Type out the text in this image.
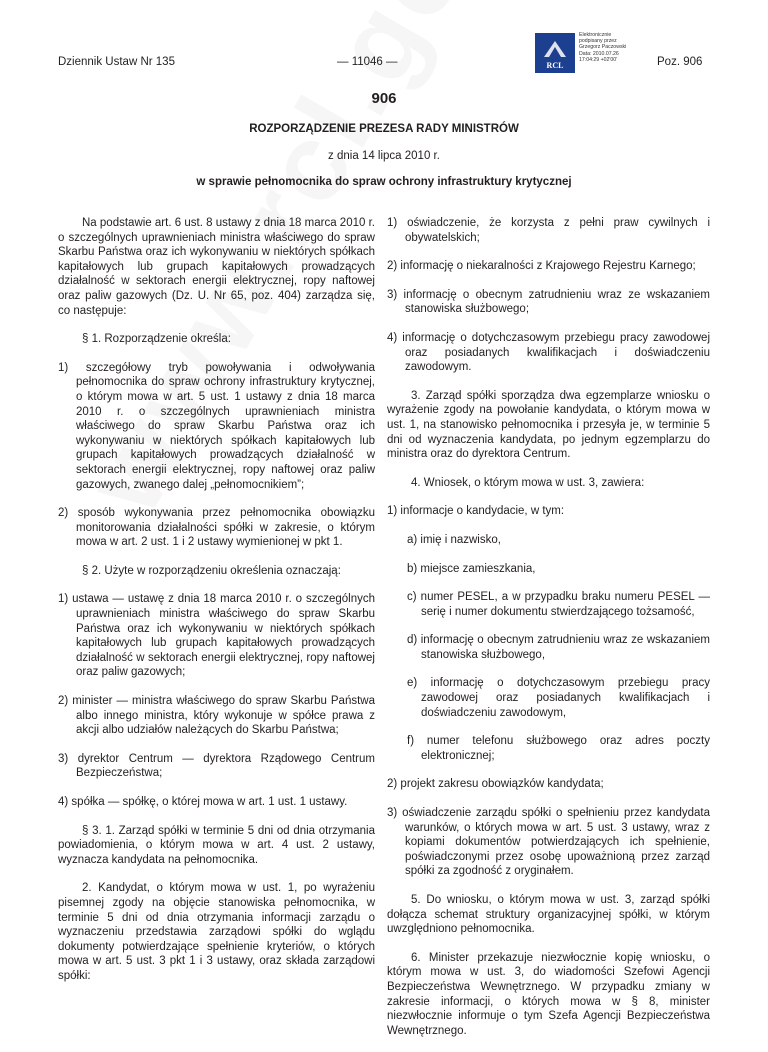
Dziennik Ustaw Nr 135	— 11046 —	Poz. 906
RCL
Elektronicznie
podpisany przez
Grzegorz Paczowski
Data: 2010.07.26
17:04:29 +02'00'
906
ROZPORZĄDZENIE PREZESA RADY MINISTRÓW
z dnia 14 lipca 2010 r.
w sprawie pełnomocnika do spraw ochrony infrastruktury krytycznej

Na podstawie art. 6 ust. 8 ustawy z dnia 18 marca 2010 r. o szczególnych uprawnieniach ministra właściwego do spraw Skarbu Państwa oraz ich wykonywaniu w niektórych spółkach kapitałowych lub grupach kapitałowych prowadzących działalność w sektorach energii elektrycznej, ropy naftowej oraz paliw gazowych (Dz. U. Nr 65, poz. 404) zarządza się, co następuje:

§ 1. Rozporządzenie określa:

1) szczegółowy tryb powoływania i odwoływania pełnomocnika do spraw ochrony infrastruktury krytycznej, o którym mowa w art. 5 ust. 1 ustawy z dnia 18 marca 2010 r. o szczególnych uprawnieniach ministra właściwego do spraw Skarbu Państwa oraz ich wykonywaniu w niektórych spółkach kapitałowych lub grupach kapitałowych prowadzących działalność w sektorach energii elektrycznej, ropy naftowej oraz paliw gazowych, zwanego dalej „pełnomocnikiem”;

2) sposób wykonywania przez pełnomocnika obowiązku monitorowania działalności spółki w zakresie, o którym mowa w art. 2 ust. 1 i 2 ustawy wymienionej w pkt 1.

§ 2. Użyte w rozporządzeniu określenia oznaczają:

1) ustawa — ustawę z dnia 18 marca 2010 r. o szczególnych uprawnieniach ministra właściwego do spraw Skarbu Państwa oraz ich wykonywaniu w niektórych spółkach kapitałowych lub grupach kapitałowych prowadzących działalność w sektorach energii elektrycznej, ropy naftowej oraz paliw gazowych;

2) minister — ministra właściwego do spraw Skarbu Państwa albo innego ministra, który wykonuje w spółce prawa z akcji albo udziałów należących do Skarbu Państwa;

3) dyrektor Centrum — dyrektora Rządowego Centrum Bezpieczeństwa;

4) spółka — spółkę, o której mowa w art. 1 ust. 1 ustawy.

§ 3. 1. Zarząd spółki w terminie 5 dni od dnia otrzymania powiadomienia, o którym mowa w art. 4 ust. 2 ustawy, wyznacza kandydata na pełnomocnika.

2. Kandydat, o którym mowa w ust. 1, po wyrażeniu pisemnej zgody na objęcie stanowiska pełnomocnika, w terminie 5 dni od dnia otrzymania informacji zarządu o wyznaczeniu przedstawia zarządowi spółki do wglądu dokumenty potwierdzające spełnienie kryteriów, o których mowa w art. 5 ust. 3 pkt 1 i 3 ustawy, oraz składa zarządowi spółki:

1) oświadczenie, że korzysta z pełni praw cywilnych i obywatelskich;

2) informację o niekaralności z Krajowego Rejestru Karnego;

3) informację o obecnym zatrudnieniu wraz ze wskazaniem stanowiska służbowego;

4) informację o dotychczasowym przebiegu pracy zawodowej oraz posiadanych kwalifikacjach i doświadczeniu zawodowym.

3. Zarząd spółki sporządza dwa egzemplarze wniosku o wyrażenie zgody na powołanie kandydata, o którym mowa w ust. 1, na stanowisko pełnomocnika i przesyła je, w terminie 5 dni od wyznaczenia kandydata, po jednym egzemplarzu do ministra oraz do dyrektora Centrum.

4. Wniosek, o którym mowa w ust. 3, zawiera:

1) informacje o kandydacie, w tym:

a) imię i nazwisko,

b) miejsce zamieszkania,

c) numer PESEL, a w przypadku braku numeru PESEL — serię i numer dokumentu stwierdzającego tożsamość,

d) informację o obecnym zatrudnieniu wraz ze wskazaniem stanowiska służbowego,

e) informację o dotychczasowym przebiegu pracy zawodowej oraz posiadanych kwalifikacjach i doświadczeniu zawodowym,

f) numer telefonu służbowego oraz adres poczty elektronicznej;

2) projekt zakresu obowiązków kandydata;

3) oświadczenie zarządu spółki o spełnieniu przez kandydata warunków, o których mowa w art. 5 ust. 3 ustawy, wraz z kopiami dokumentów potwierdzających ich spełnienie, poświadczonymi przez osobę upoważnioną przez zarząd spółki za zgodność z oryginałem.

5. Do wniosku, o którym mowa w ust. 3, zarząd spółki dołącza schemat struktury organizacyjnej spółki, w którym uwzględniono pełnomocnika.

6. Minister przekazuje niezwłocznie kopię wniosku, o którym mowa w ust. 3, do wiadomości Szefowi Agencji Bezpieczeństwa Wewnętrznego. W przypadku zmiany w zakresie informacji, o których mowa w § 8, minister niezwłocznie informuje o tym Szefa Agencji Bezpieczeństwa Wewnętrznego.
